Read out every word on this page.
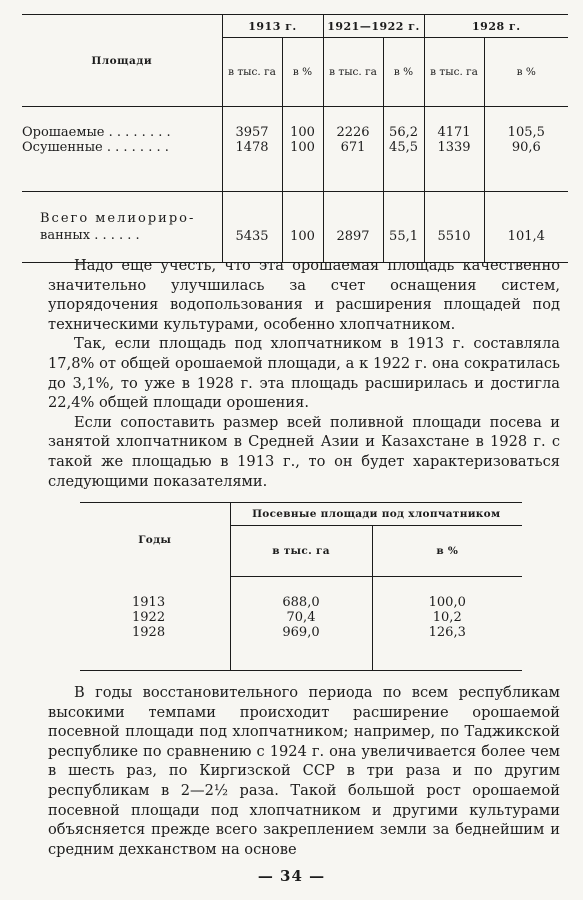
Площади	1913 г.		1921—1922 г.		1928 г.	
	в тыс. га	в %	в тыс. га	в %	в тыс. га	в %
Орошаемые . . . . . . . .	3957	100	2226	56,2	4171	105,5
Осушенные . . . . . . . .	1478	100	671	45,5	1339	90,6
Всего мелиориро-
ванных . . . . . .	5435	100	2897	55,1	5510	101,4

Надо еще учесть, что эта орошаемая площадь качественно значительно улучшилась за счет оснащения систем, упорядочения водопользования и расширения площадей под техническими культурами, особенно хлопчатником.

Так, если площадь под хлопчатником в 1913 г. составляла 17,8% от общей орошаемой площади, а к 1922 г. она сократилась до 3,1%, то уже в 1928 г. эта площадь расширилась и достигла 22,4% общей площади орошения.

Если сопоставить размер всей поливной площади посева и занятой хлопчатником в Средней Азии и Казахстане в 1928 г. с такой же площадью в 1913 г., то он будет характеризоваться следующими показателями.

Годы	Посевные площади под хлопчатником	
	в тыс. га	в %
1913	688,0	100,0
1922	70,4	10,2
1928	969,0	126,3

В годы восстановительного периода по всем республикам высокими темпами происходит расширение орошаемой посевной площади под хлопчатником; например, по Таджикской республике по сравнению с 1924 г. она увеличивается более чем в шесть раз, по Киргизской ССР в три раза и по другим республикам в 2—2½ раза. Такой большой рост орошаемой посевной площади под хлопчатником и другими культурами объясняется прежде всего закреплением земли за беднейшим и средним дехканством на основе

— 34 —
